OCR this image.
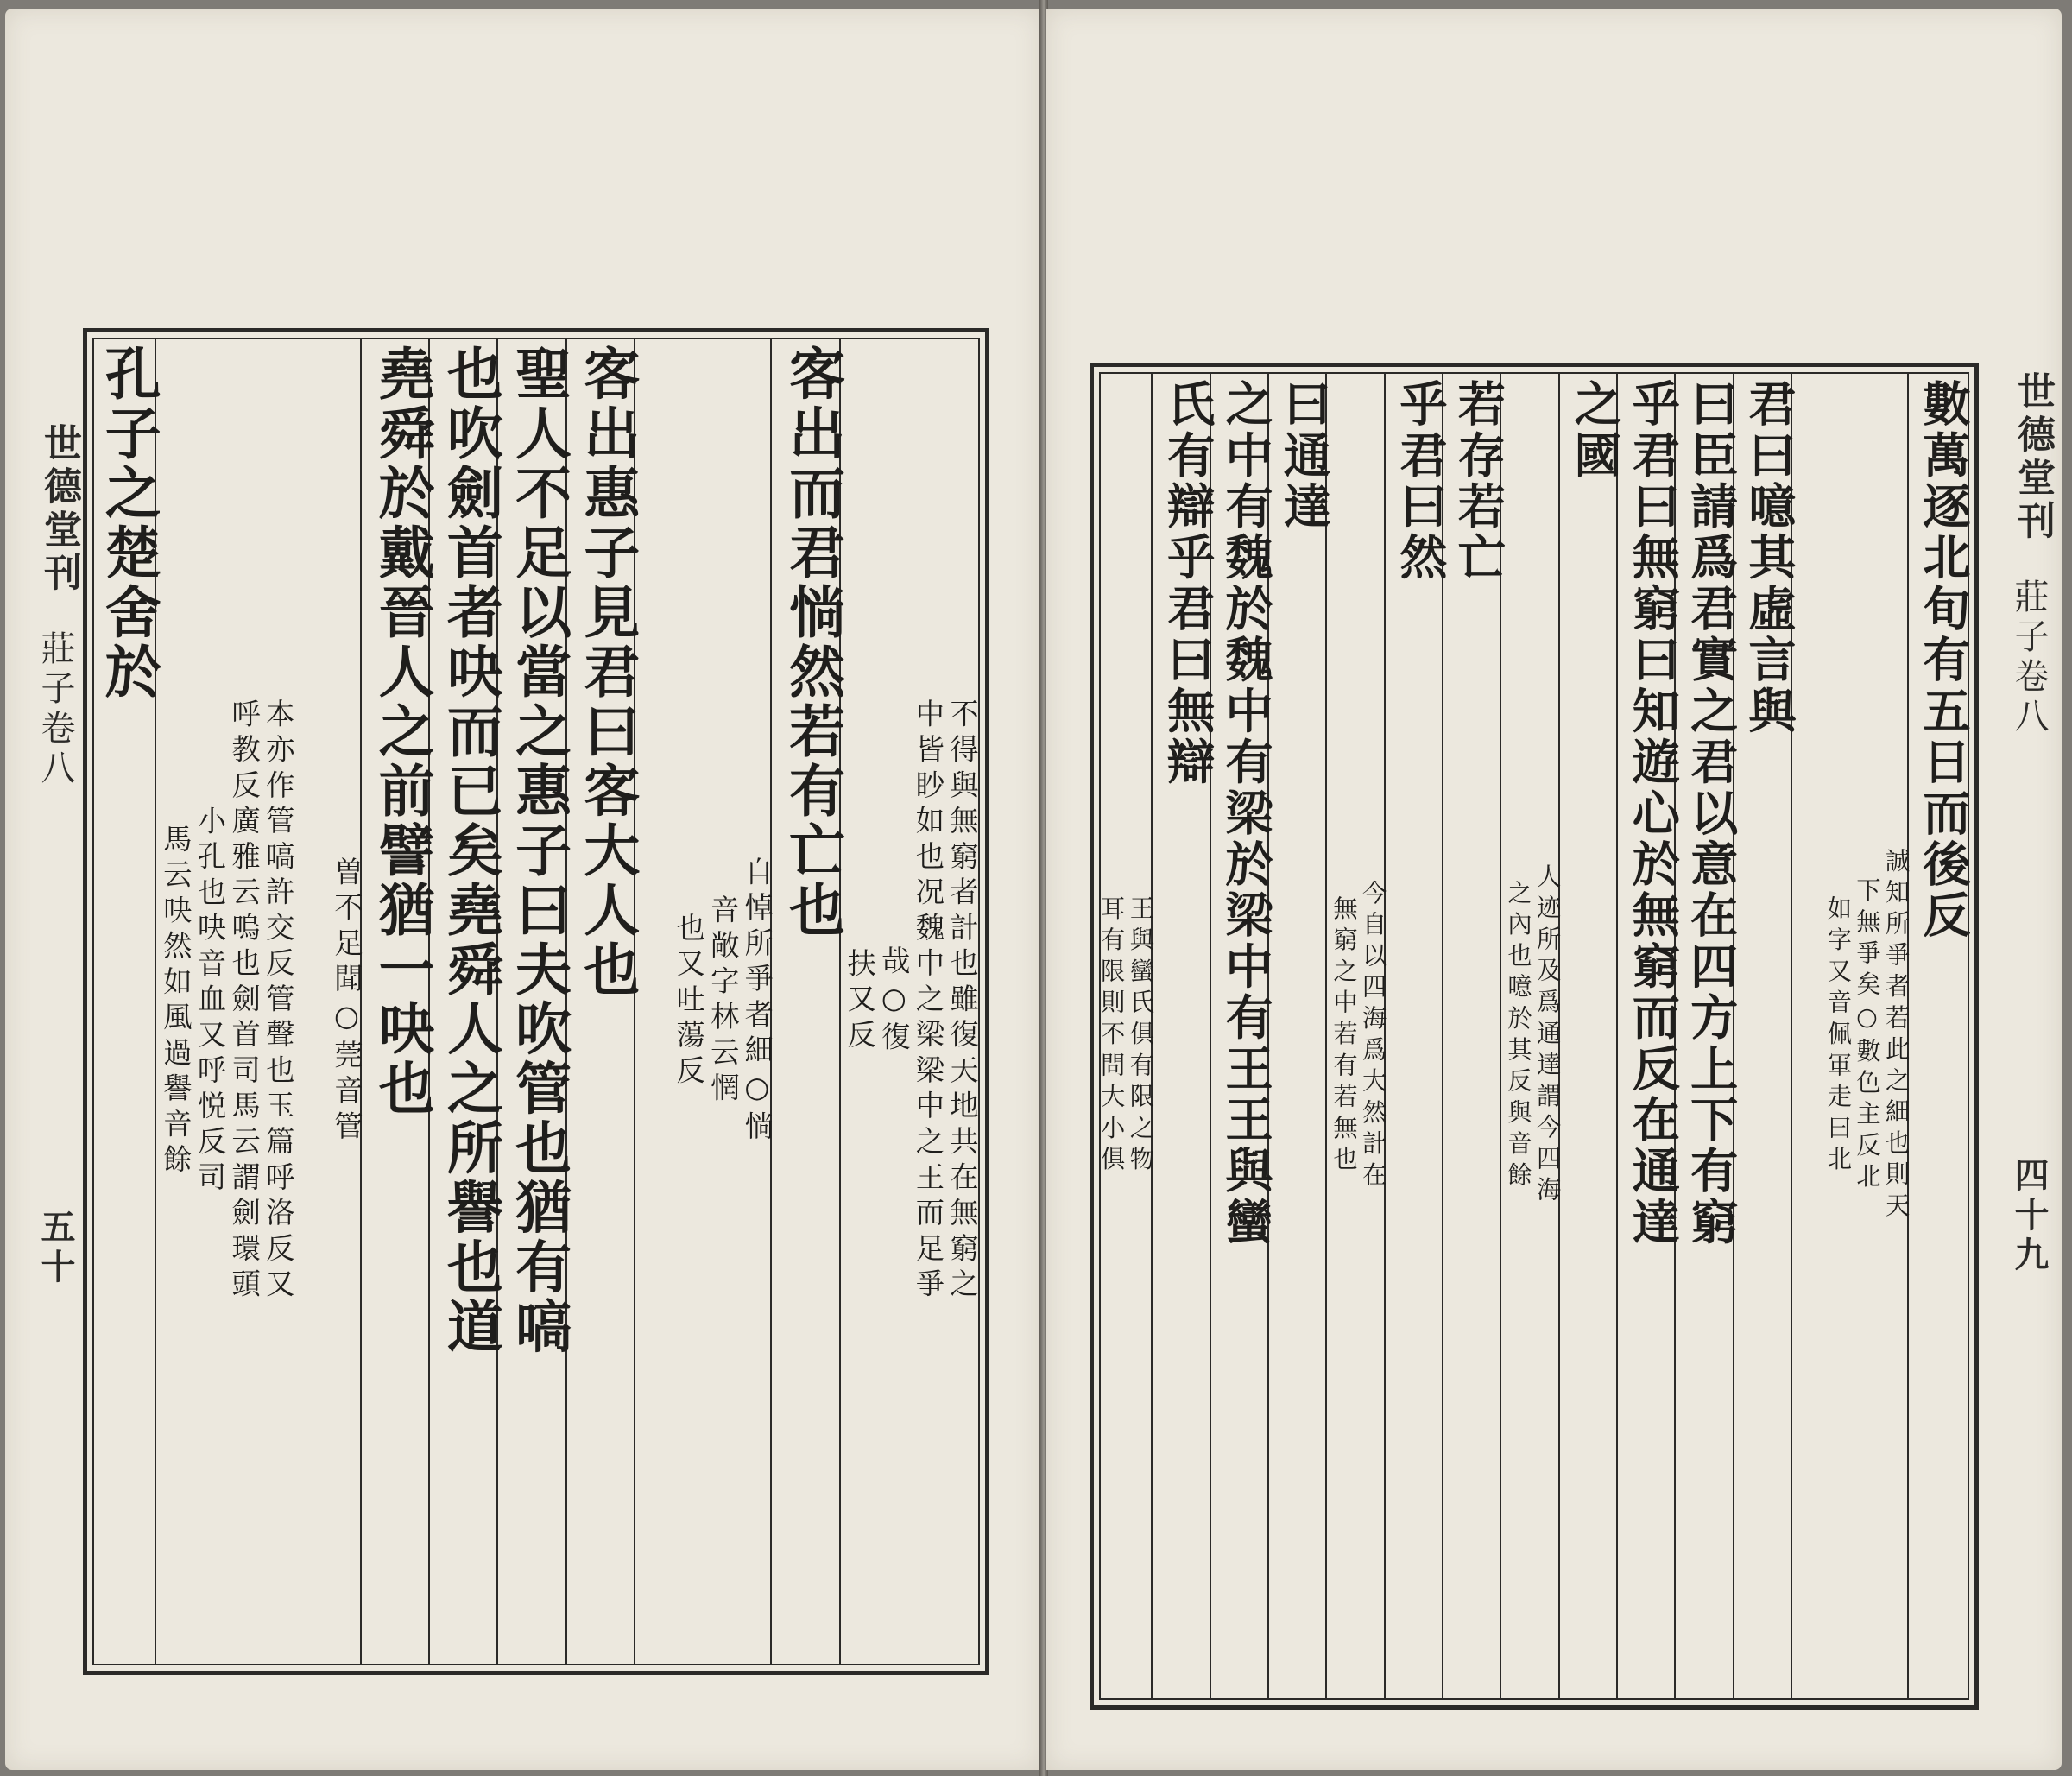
世德堂刊
莊子卷八
五十	不得與無窮者計也雖復天地共在無窮之
中皆眇如也况魏中之梁梁中之王而足爭
哉○復
扶又反
客出而君惝然若有亡也
自悼所爭者細○惝
音敞字林云惘
也又吐蕩反
客出惠子見君曰客大人也
聖人不足以當之惠子曰夫吹管也猶有嗃
也吹劍首者吷而已矣堯舜人之所譽也道
堯舜於戴晉人之前譬猶一吷也
曽不足聞○莞音管
本亦作管嗃許交反管聲也玉篇呼洛反又
呼教反廣雅云嗚也劍首司馬云謂劍環頭
小孔也吷音血又呼悦反司
馬云吷然如風過譽音餘
孔子之楚舍於	數萬逐北旬有五日而後反
誠知所爭者若此之細也則天
下無爭矣○數色主反北
如字又音佩軍走曰北
君曰噫其虛言與
曰臣請爲君實之君以意在四方上下有窮
乎君曰無窮曰知遊心於無窮而反在通達
之國
人迹所及爲通達謂今四海
之內也噫於其反與音餘
若存若亡
乎君曰然
今自以四海爲大然計在
無窮之中若有若無也
曰通達
之中有魏於魏中有梁於梁中有王王與蠻
氏有辯乎君曰無辯
王與蠻氏俱有限之物
耳有限則不問大小俱
世德堂刊
莊子卷八
四十九
